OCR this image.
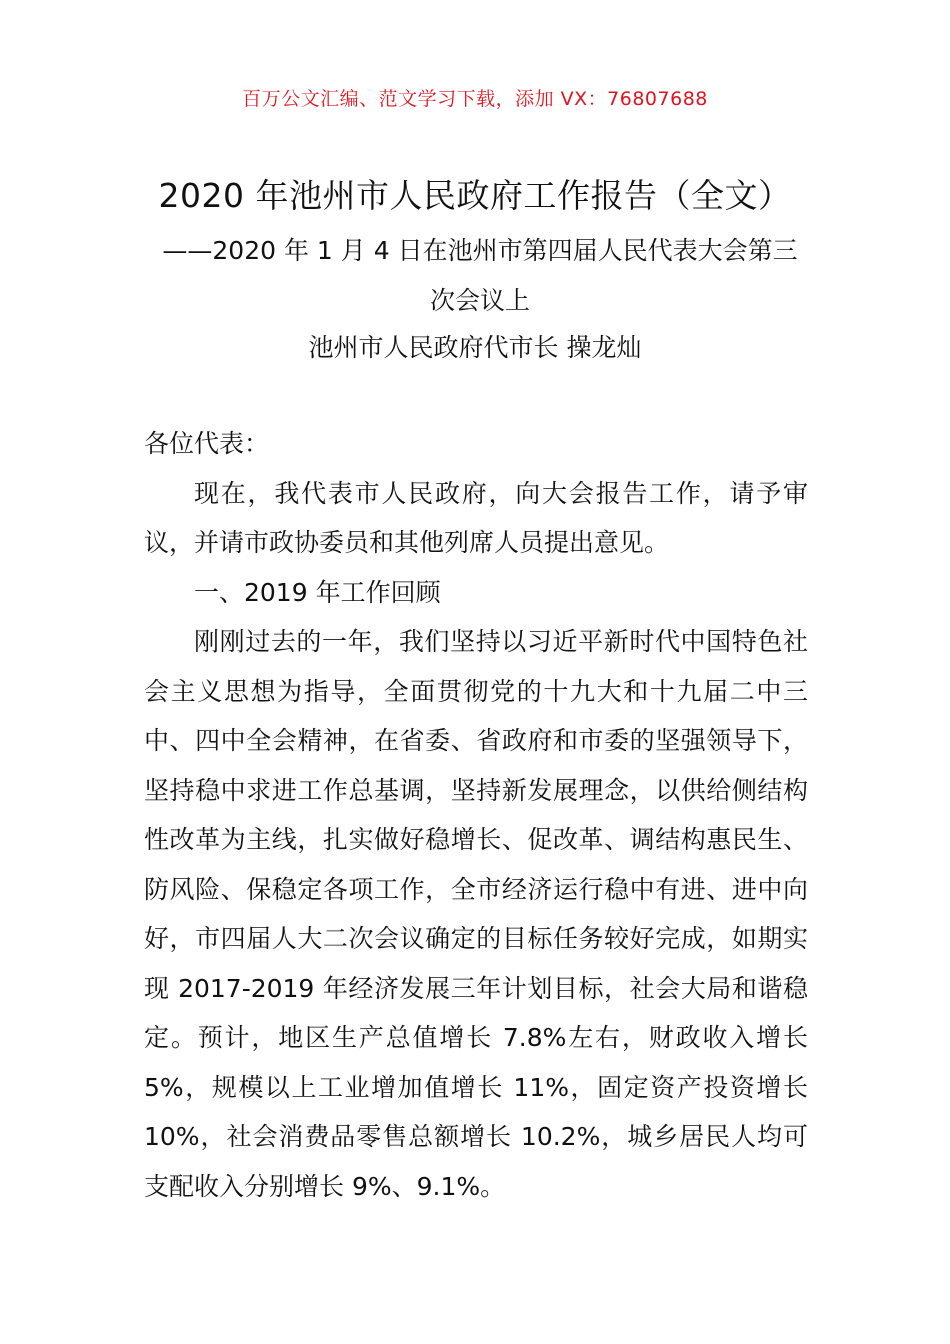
百万公文汇编、范文学习下载，添加 VX：76807688
2020 年池州市人民政府工作报告（全文）
——2020 年 1 月 4 日在池州市第四届人民代表大会第三次会议上
池州市人民政府代市长 操龙灿

各位代表：

现在，我代表市人民政府，向大会报告工作，请予审议，并请市政协委员和其他列席人员提出意见。

一、2019 年工作回顾

刚刚过去的一年，我们坚持以习近平新时代中国特色社会主义思想为指导，全面贯彻党的十九大和十九届二中三中、四中全会精神，在省委、省政府和市委的坚强领导下，坚持稳中求进工作总基调，坚持新发展理念，以供给侧结构性改革为主线，扎实做好稳增长、促改革、调结构惠民生、防风险、保稳定各项工作，全市经济运行稳中有进、进中向好，市四届人大二次会议确定的目标任务较好完成，如期实现 2017-2019 年经济发展三年计划目标，社会大局和谐稳定。预计，地区生产总值增长 7.8%左右，财政收入增长 5%，规模以上工业增加值增长 11%，固定资产投资增长 10%，社会消费品零售总额增长 10.2%，城乡居民人均可支配收入分别增长 9%、9.1%。
